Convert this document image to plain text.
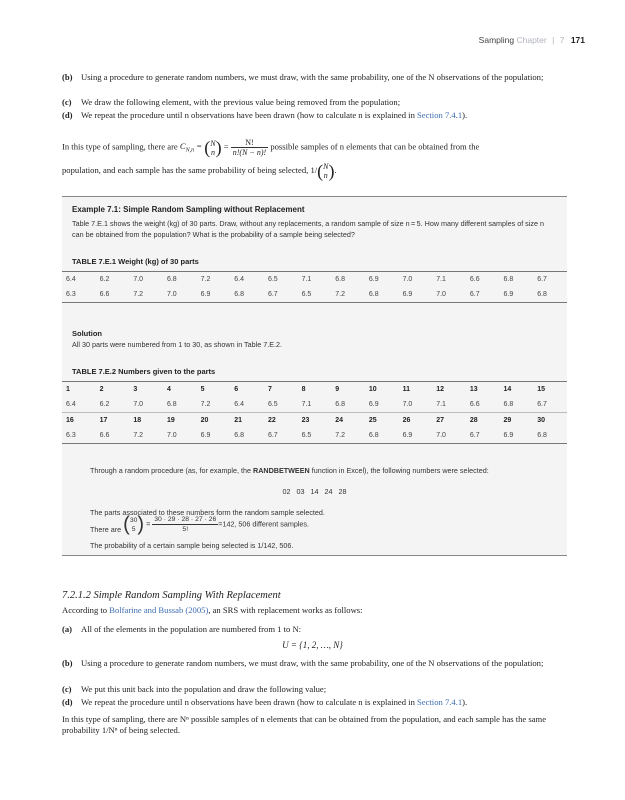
Sampling Chapter | 7 171
(b) Using a procedure to generate random numbers, we must draw, with the same probability, one of the N observations of the population;
(c) We draw the following element, with the previous value being removed from the population;
(d) We repeat the procedure until n observations have been drawn (how to calculate n is explained in Section 7.4.1).
In this type of sampling, there are $C_{N,n}$ = ( N
n ) = $\frac{N!}{n!(N - n)!}$ possible samples of n elements that can be obtained from the
population, and each sample has the same probability of being selected, 1/( N
n ).
Example 7.1: Simple Random Sampling without Replacement
Table 7.E.1 shows the weight (kg) of 30 parts. Draw, without any replacements, a random sample of size n = 5. How many different samples of size n can be obtained from the population? What is the probability of a sample being selected?
TABLE 7.E.1 Weight (kg) of 30 parts
6.4	6.2	7.0	6.8	7.2	6.4	6.5	7.1	6.8	6.9	7.0	7.1	6.6	6.8	6.7
6.3	6.6	7.2	7.0	6.9	6.8	6.7	6.5	7.2	6.8	6.9	7.0	6.7	6.9	6.8
Solution
All 30 parts were numbered from 1 to 30, as shown in Table 7.E.2.
TABLE 7.E.2 Numbers given to the parts
1	2	3	4	5	6	7	8	9	10	11	12	13	14	15
6.4	6.2	7.0	6.8	7.2	6.4	6.5	7.1	6.8	6.9	7.0	7.1	6.6	6.8	6.7
16	17	18	19	20	21	22	23	24	25	26	27	28	29	30
6.3	6.6	7.2	7.0	6.9	6.8	6.7	6.5	7.2	6.8	6.9	7.0	6.7	6.9	6.8
Through a random procedure (as, for example, the RANDBETWEEN function in Excel), the following numbers were selected:
02 03 14 24 28
The parts associated to these numbers form the random sample selected.
There are ( 30
5 ) = $\frac{30 \cdot 29 \cdot 28 \cdot 27 \cdot 26}{5!} =142$, 506 different samples.
The probability of a certain sample being selected is 1/142, 506.
7.2.1.2 Simple Random Sampling With Replacement
According to Bolfarine and Bussab (2005), an SRS with replacement works as follows:
(a) All of the elements in the population are numbered from 1 to N:
U = {1, 2, …, N}
(b) Using a procedure to generate random numbers, we must draw, with the same probability, one of the N observations of the population;
(c) We put this unit back into the population and draw the following value;
(d) We repeat the procedure until n observations have been drawn (how to calculate n is explained in Section 7.4.1).
In this type of sampling, there are Nⁿ possible samples of n elements that can be obtained from the population, and each sample has the same probability 1/Nⁿ of being selected.
